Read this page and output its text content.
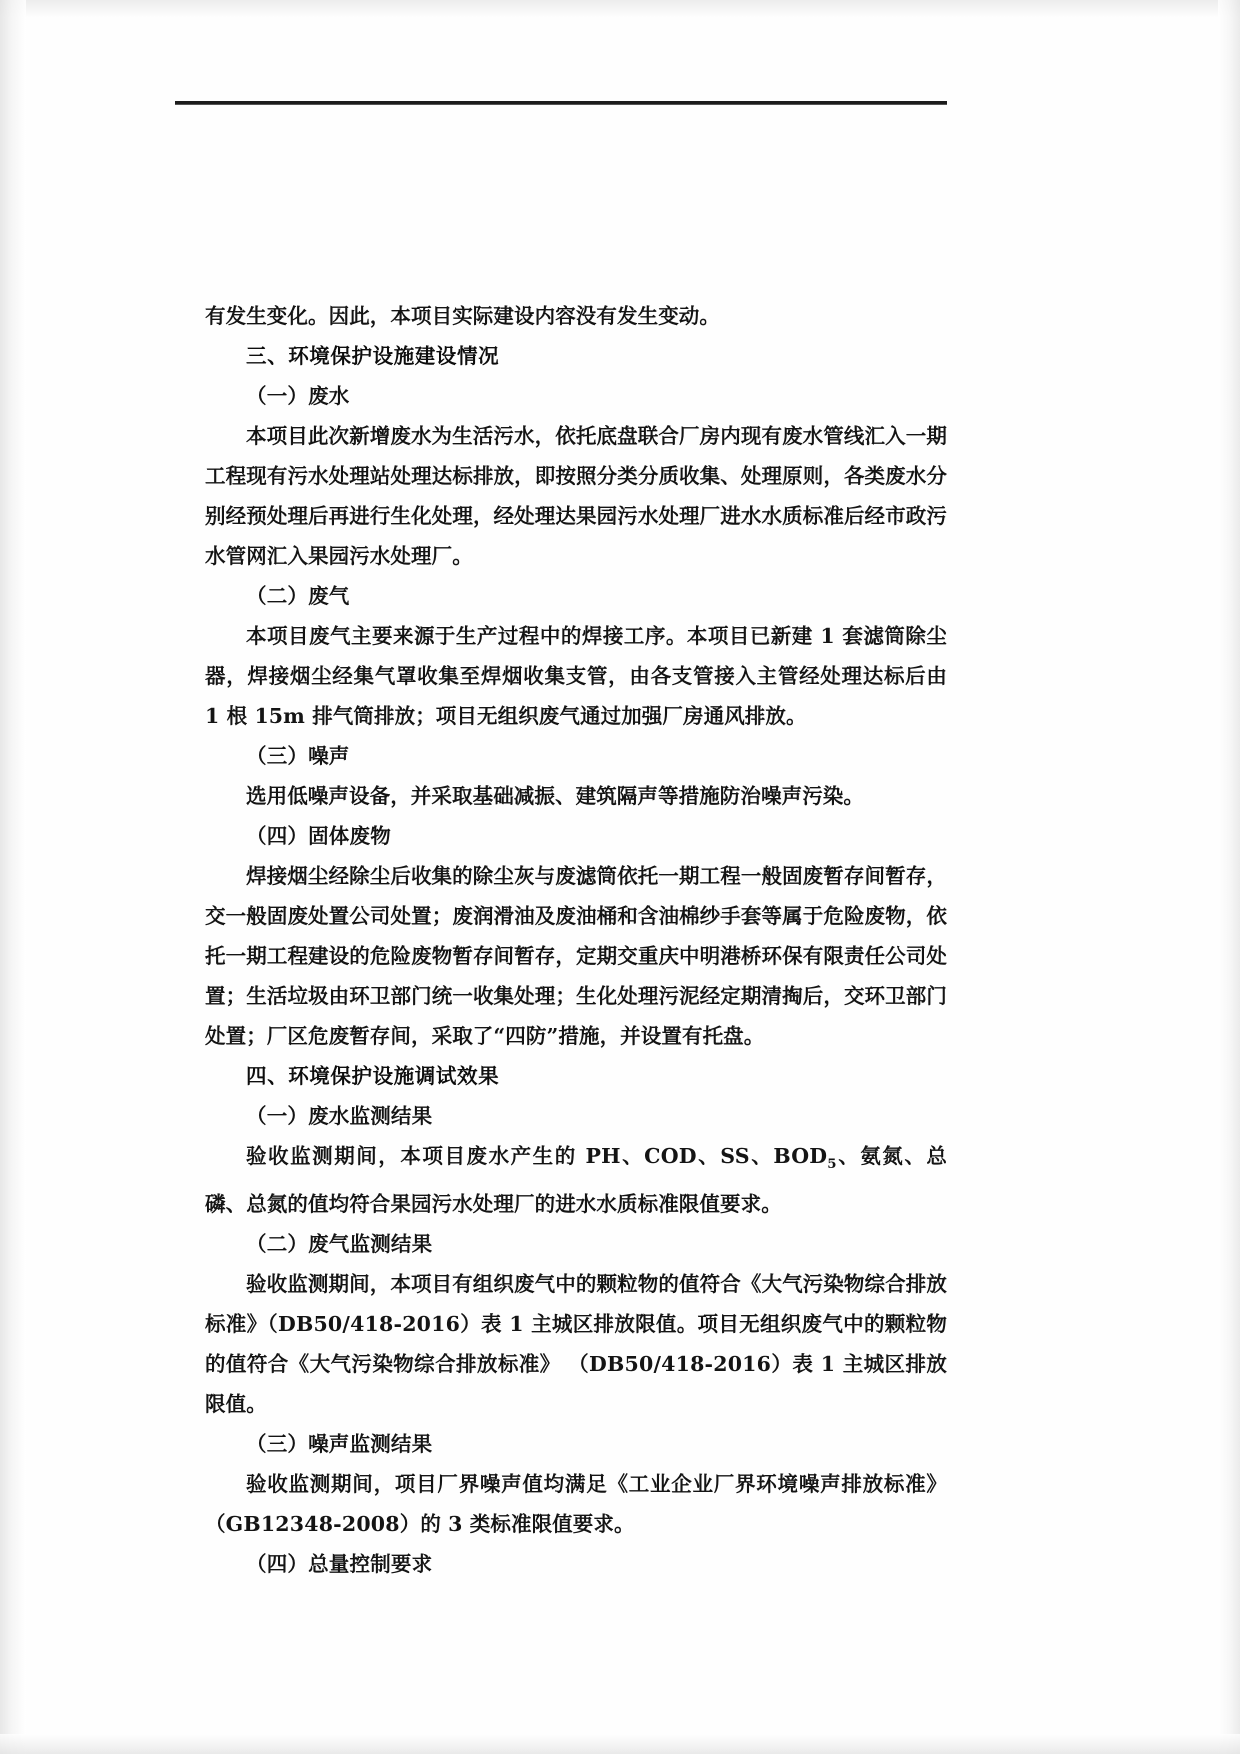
有发生变化。因此，本项目实际建设内容没有发生变动。

三、环境保护设施建设情况

（一）废水

本项目此次新增废水为生活污水，依托底盘联合厂房内现有废水管线汇入一期工程现有污水处理站处理达标排放，即按照分类分质收集、处理原则，各类废水分别经预处理后再进行生化处理，经处理达果园污水处理厂进水水质标准后经市政污水管网汇入果园污水处理厂。

（二）废气

本项目废气主要来源于生产过程中的焊接工序。本项目已新建 1 套滤筒除尘器，焊接烟尘经集气罩收集至焊烟收集支管，由各支管接入主管经处理达标后由 1 根 15m 排气筒排放；项目无组织废气通过加强厂房通风排放。

（三）噪声

选用低噪声设备，并采取基础减振、建筑隔声等措施防治噪声污染。

（四）固体废物

焊接烟尘经除尘后收集的除尘灰与废滤筒依托一期工程一般固废暂存间暂存，交一般固废处置公司处置；废润滑油及废油桶和含油棉纱手套等属于危险废物，依托一期工程建设的危险废物暂存间暂存，定期交重庆中明港桥环保有限责任公司处置；生活垃圾由环卫部门统一收集处理；生化处理污泥经定期清掏后，交环卫部门处置；厂区危废暂存间，采取了“四防”措施，并设置有托盘。

四、环境保护设施调试效果

（一）废水监测结果

验收监测期间，本项目废水产生的 PH、COD、SS、$BOD_5$、氨氮、总磷、总氮的值均符合果园污水处理厂的进水水质标准限值要求。

（二）废气监测结果

验收监测期间，本项目有组织废气中的颗粒物的值符合《大气污染物综合排放标准》（DB50/418-2016）表 1 主城区排放限值。项目无组织废气中的颗粒物的值符合《大气污染物综合排放标准》 （DB50/418-2016）表 1 主城区排放限值。

（三）噪声监测结果

验收监测期间，项目厂界噪声值均满足《工业企业厂界环境噪声排放标准》（GB12348-2008）的 3 类标准限值要求。

（四）总量控制要求
